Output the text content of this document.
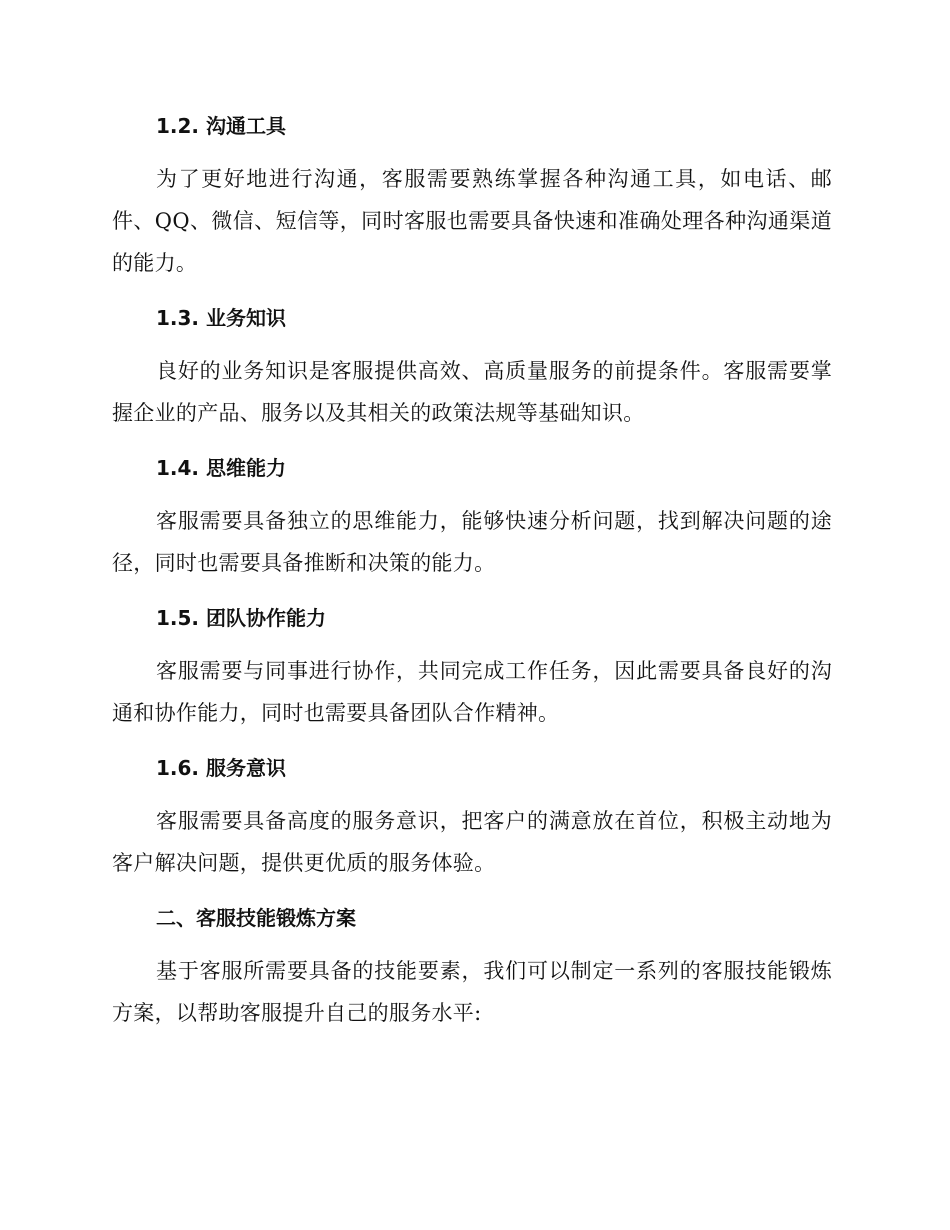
1.2. 沟通工具

为了更好地进行沟通，客服需要熟练掌握各种沟通工具，如电话、邮件、QQ、微信、短信等，同时客服也需要具备快速和准确处理各种沟通渠道的能力。

1.3. 业务知识

良好的业务知识是客服提供高效、高质量服务的前提条件。客服需要掌握企业的产品、服务以及其相关的政策法规等基础知识。

1.4. 思维能力

客服需要具备独立的思维能力，能够快速分析问题，找到解决问题的途径，同时也需要具备推断和决策的能力。

1.5. 团队协作能力

客服需要与同事进行协作，共同完成工作任务，因此需要具备良好的沟通和协作能力，同时也需要具备团队合作精神。

1.6. 服务意识

客服需要具备高度的服务意识，把客户的满意放在首位，积极主动地为客户解决问题，提供更优质的服务体验。

二、客服技能锻炼方案

基于客服所需要具备的技能要素，我们可以制定一系列的客服技能锻炼方案，以帮助客服提升自己的服务水平:
